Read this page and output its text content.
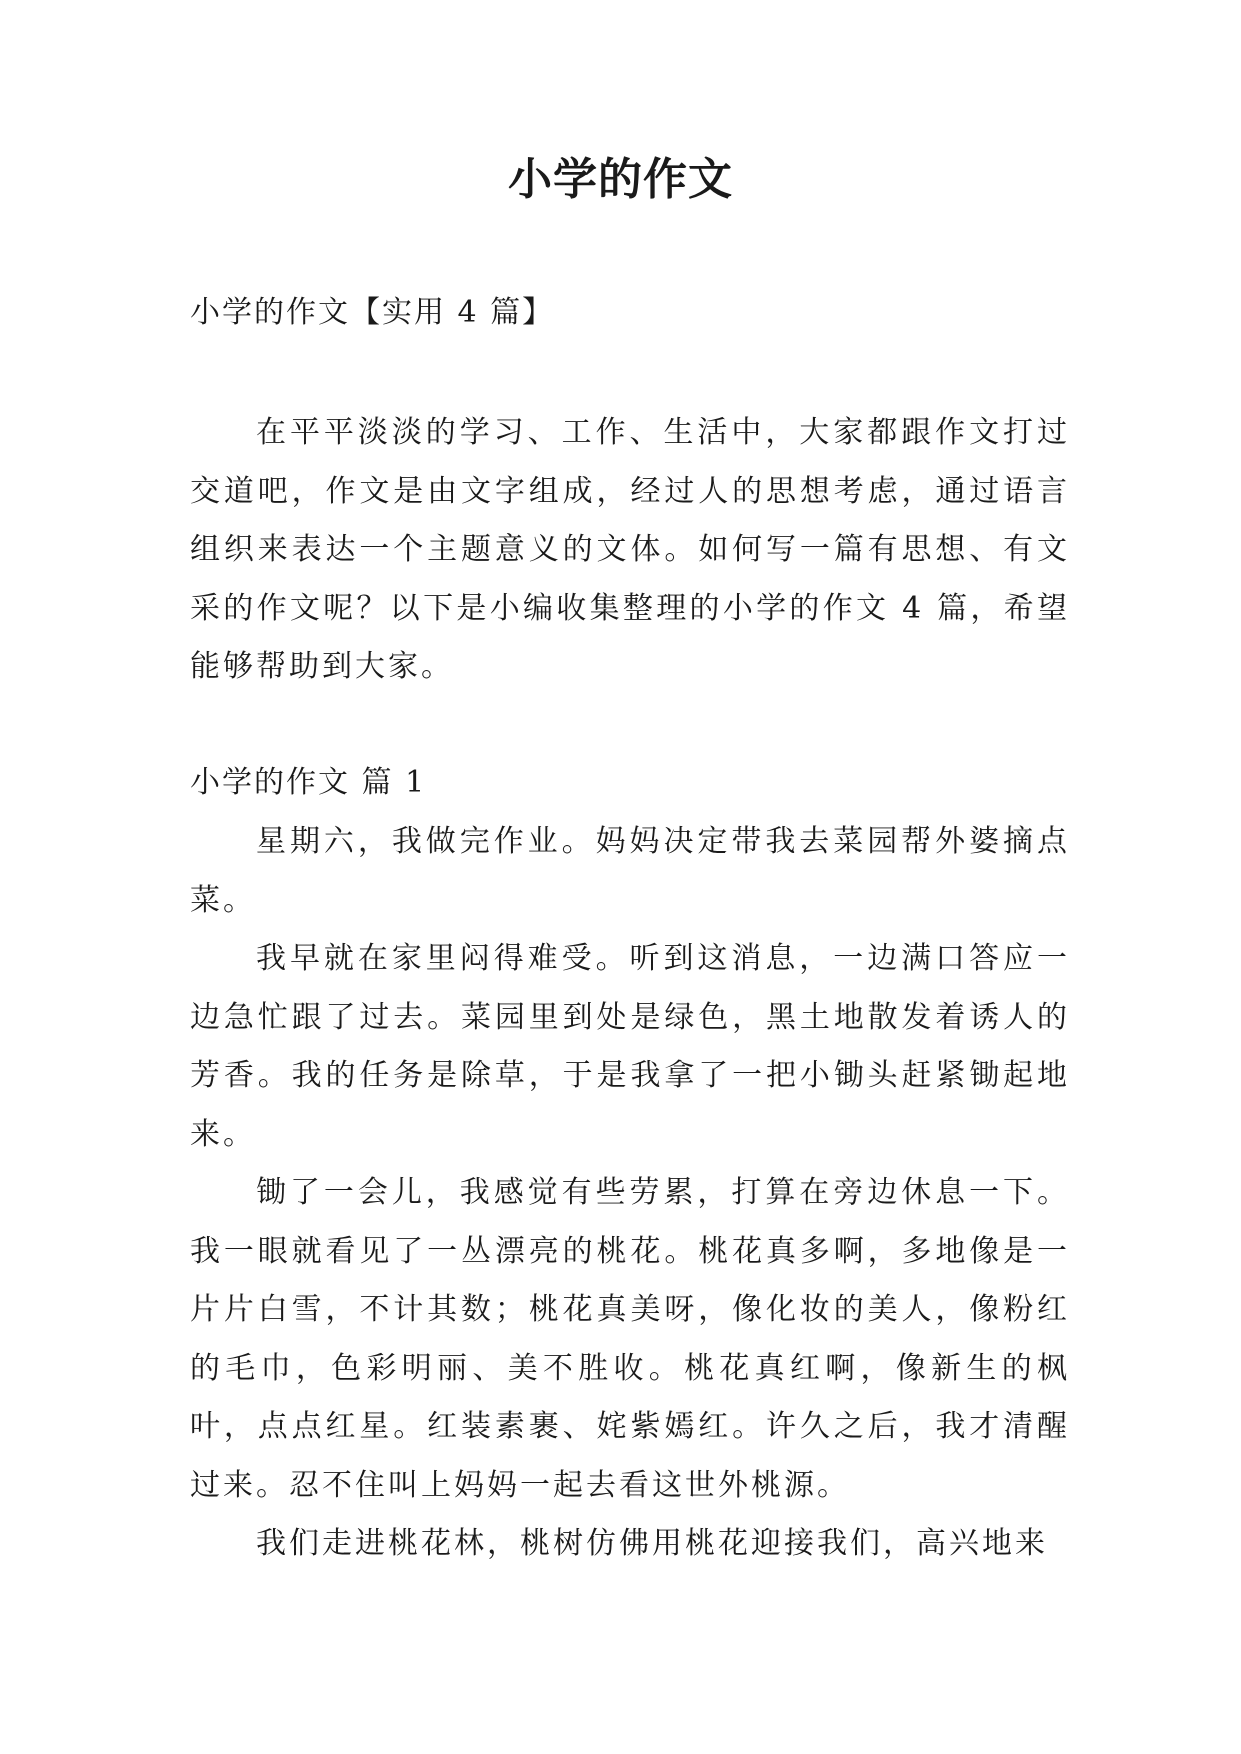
小学的作文
小学的作文【实用 4 篇】

在平平淡淡的学习、工作、生活中，大家都跟作文打过交道吧，作文是由文字组成，经过人的思想考虑，通过语言组织来表达一个主题意义的文体。如何写一篇有思想、有文采的作文呢？以下是小编收集整理的小学的作文 4 篇，希望能够帮助到大家。

小学的作文 篇 1

星期六，我做完作业。妈妈决定带我去菜园帮外婆摘点菜。

我早就在家里闷得难受。听到这消息，一边满口答应一边急忙跟了过去。菜园里到处是绿色，黑土地散发着诱人的芳香。我的任务是除草，于是我拿了一把小锄头赶紧锄起地来。

锄了一会儿，我感觉有些劳累，打算在旁边休息一下。我一眼就看见了一丛漂亮的桃花。桃花真多啊，多地像是一片片白雪，不计其数；桃花真美呀，像化妆的美人，像粉红的毛巾，色彩明丽、美不胜收。桃花真红啊，像新生的枫叶，点点红星。红装素裹、姹紫嫣红。许久之后，我才清醒过来。忍不住叫上妈妈一起去看这世外桃源。

我们走进桃花林，桃树仿佛用桃花迎接我们，高兴地来
